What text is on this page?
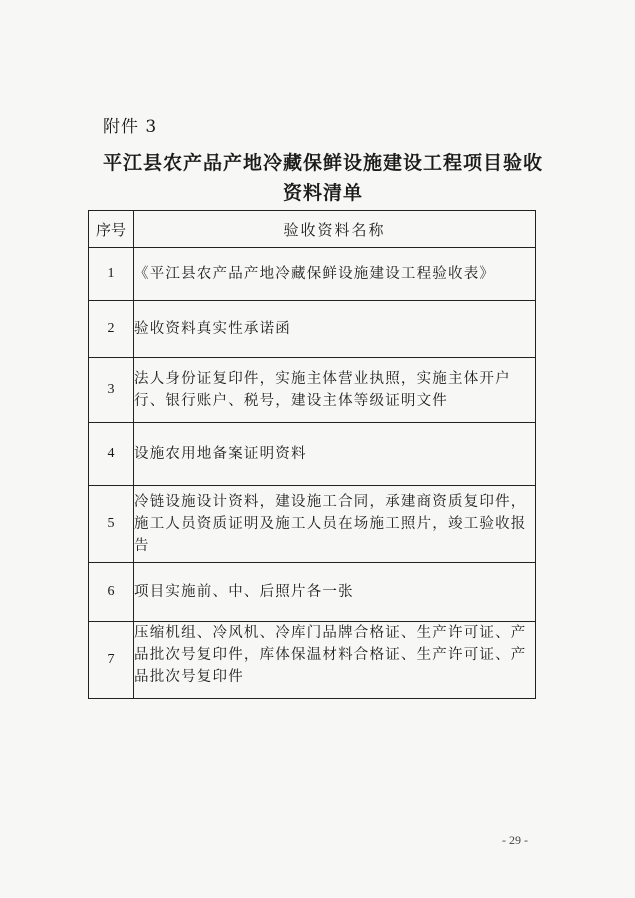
附件 3
平江县农产品产地冷藏保鲜设施建设工程项目验收
资料清单
序号	验收资料名称
1	《平江县农产品产地冷藏保鲜设施建设工程验收表》
2	验收资料真实性承诺函
3	法人身份证复印件，实施主体营业执照，实施主体开户行、银行账户、税号，建设主体等级证明文件
4	设施农用地备案证明资料
5	冷链设施设计资料，建设施工合同，承建商资质复印件，施工人员资质证明及施工人员在场施工照片，竣工验收报告
6	项目实施前、中、后照片各一张
7	压缩机组、冷风机、冷库门品牌合格证、生产许可证、产品批次号复印件，库体保温材料合格证、生产许可证、产品批次号复印件
- 29 -
